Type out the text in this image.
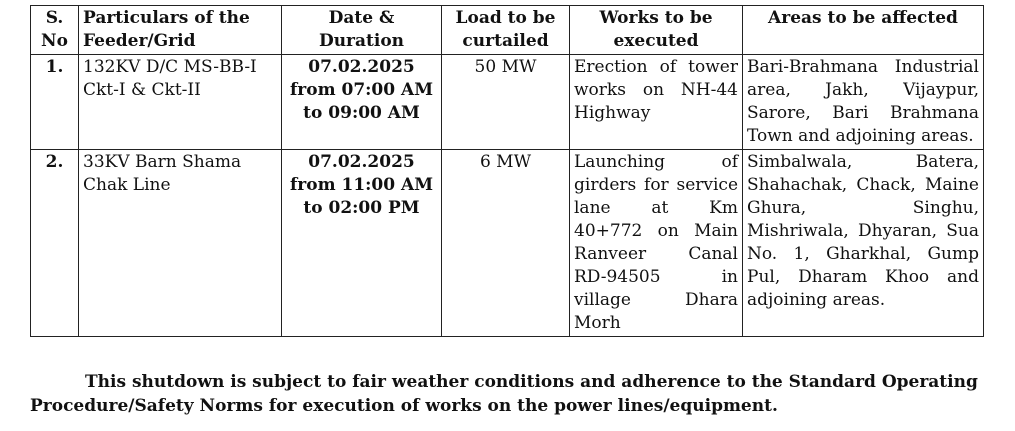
S. No	Particulars of the Feeder/Grid	Date & Duration	Load to be curtailed	Works to be executed	Areas to be affected
1.	132KV D/C MS-BB-I Ckt-I & Ckt-II	07.02.2025
from 07:00 AM
to 09:00 AM	50 MW	Erection of tower works on NH-44 Highway	Bari-Brahmana Industrial area, Jakh, Vijaypur, Sarore, Bari Brahmana Town and adjoining areas.
2.	33KV Barn Shama Chak Line	07.02.2025
from 11:00 AM
to 02:00 PM	6 MW	Launching of girders for service lane at Km 40+772 on Main Ranveer Canal RD-94505 in village Dhara Morh	Simbalwala, Batera, Shahachak, Chack, Maine Ghura, Singhu, Mishriwala, Dhyaran, Sua No. 1, Gharkhal, Gump Pul, Dharam Khoo and adjoining areas.

This shutdown is subject to fair weather conditions and adherence to the Standard Operating Procedure/Safety Norms for execution of works on the power lines/equipment.
